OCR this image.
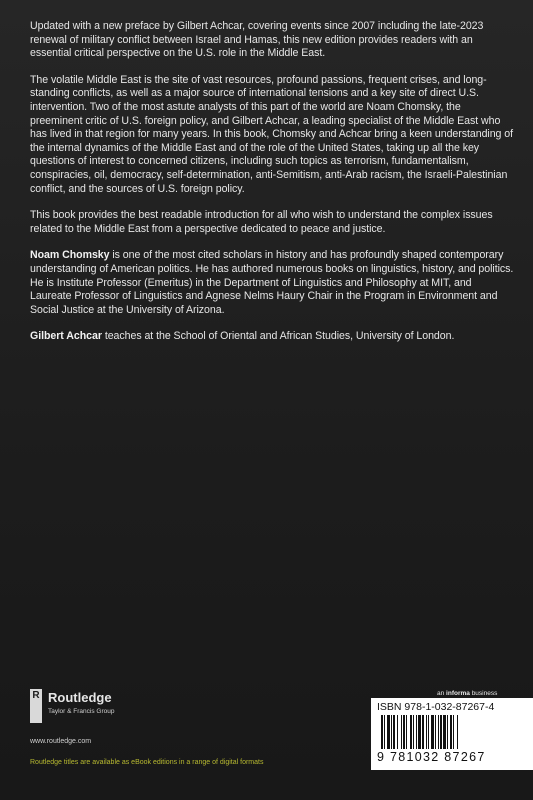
Updated with a new preface by Gilbert Achcar, covering events since 2007 including the late-2023 renewal of military conflict between Israel and Hamas, this new edition provides readers with an essential critical perspective on the U.S. role in the Middle East.

The volatile Middle East is the site of vast resources, profound passions, frequent crises, and long-standing conflicts, as well as a major source of international tensions and a key site of direct U.S. intervention. Two of the most astute analysts of this part of the world are Noam Chomsky, the preeminent critic of U.S. foreign policy, and Gilbert Achcar, a leading specialist of the Middle East who has lived in that region for many years. In this book, Chomsky and Achcar bring a keen understanding of the internal dynamics of the Middle East and of the role of the United States, taking up all the key questions of interest to concerned citizens, including such topics as terrorism, fundamentalism, conspiracies, oil, democracy, self-determination, anti-Semitism, anti-Arab racism, the Israeli-Palestinian conflict, and the sources of U.S. foreign policy.

This book provides the best readable introduction for all who wish to understand the complex issues related to the Middle East from a perspective dedicated to peace and justice.

Noam Chomsky is one of the most cited scholars in history and has profoundly shaped contemporary understanding of American politics. He has authored numerous books on linguistics, history, and politics. He is Institute Professor (Emeritus) in the Department of Linguistics and Philosophy at MIT, and Laureate Professor of Linguistics and Agnese Nelms Haury Chair in the Program in Environment and Social Justice at the University of Arizona.

Gilbert Achcar teaches at the School of Oriental and African Studies, University of London.

R Routledge
Taylor & Francis Group
www.routledge.com
Routledge titles are available as eBook editions in a range of digital formats
an informa business
ISBN 978-1-032-87267-4
9 781032 87267
